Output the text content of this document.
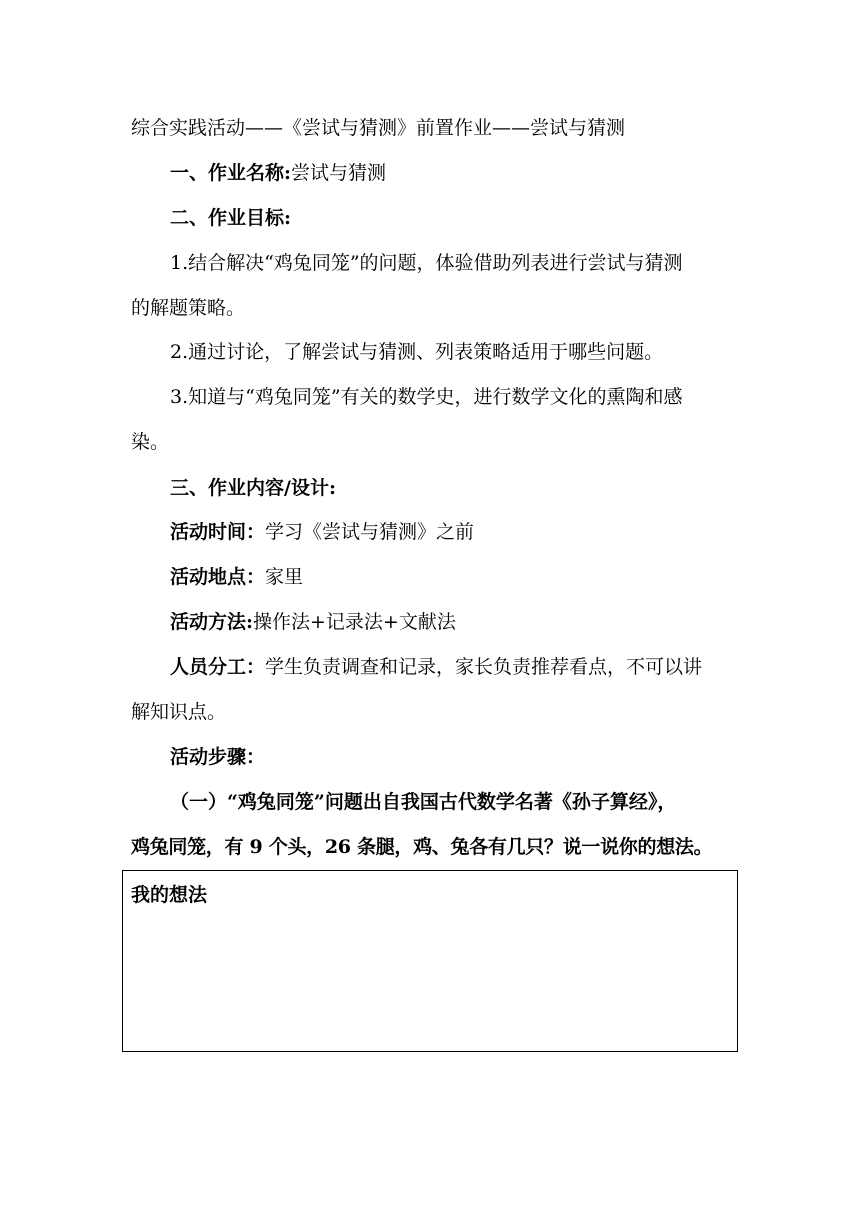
综合实践活动——《尝试与猜测》前置作业——尝试与猜测
一、作业名称:尝试与猜测
二、作业目标:
1.结合解决“鸡兔同笼”的问题，体验借助列表进行尝试与猜测
的解题策略。
2.通过讨论，了解尝试与猜测、列表策略适用于哪些问题。
3.知道与“鸡兔同笼”有关的数学史，进行数学文化的熏陶和感
染。
三、作业内容/设计:
活动时间：学习《尝试与猜测》之前
活动地点：家里
活动方法:操作法+记录法+文献法
人员分工：学生负责调查和记录，家长负责推荐看点，不可以讲
解知识点。
活动步骤：
（一）“鸡兔同笼”问题出自我国古代数学名著《孙子算经》，
鸡兔同笼，有 9 个头，26 条腿，鸡、兔各有几只？说一说你的想法。
我的想法
